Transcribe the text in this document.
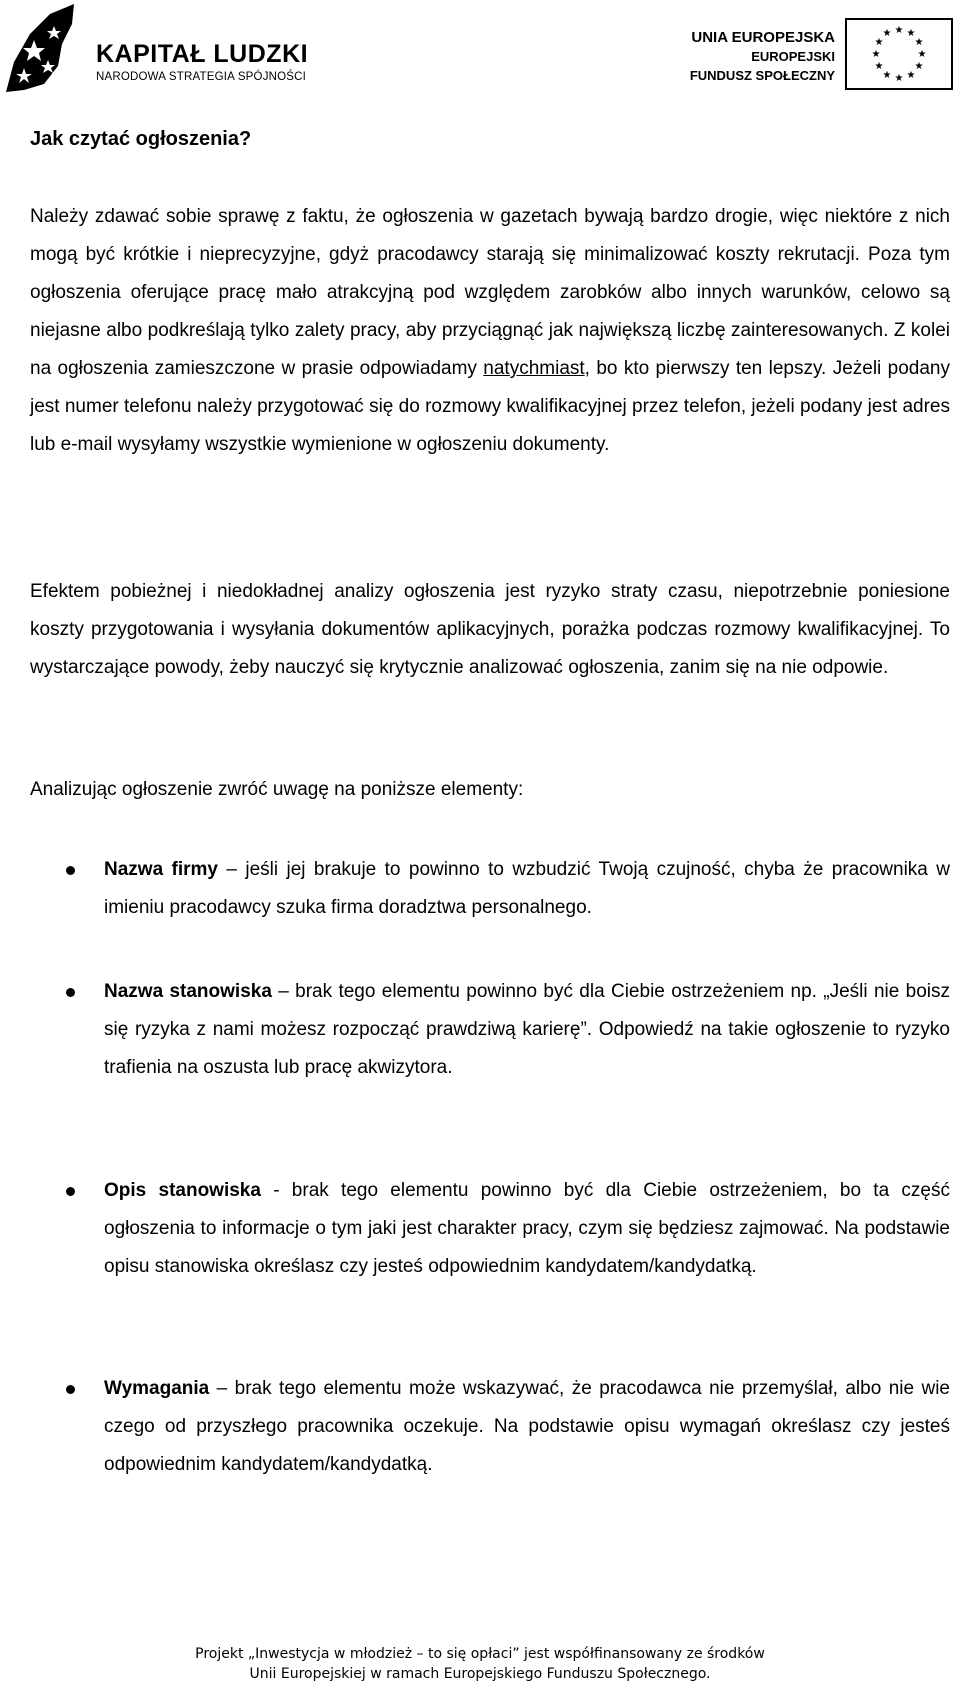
KAPITAŁ LUDZKI
NARODOWA STRATEGIA SPÓJNOŚCI
UNIA EUROPEJSKA
EUROPEJSKI
FUNDUSZ SPOŁECZNY
★ ★
★
★
★
★
★
★
★
★
★
★
Jak czytać ogłoszenia?

Należy zdawać sobie sprawę z faktu, że ogłoszenia w gazetach bywają bardzo drogie, więc niektóre z nich mogą być krótkie i nieprecyzyjne, gdyż pracodawcy starają się minimalizować koszty rekrutacji. Poza tym ogłoszenia oferujące pracę mało atrakcyjną pod względem zarobków albo innych warunków, celowo są niejasne albo podkreślają tylko zalety pracy, aby przyciągnąć jak największą liczbę zainteresowanych. Z kolei na ogłoszenia zamieszczone w prasie odpowiadamy natychmiast, bo kto pierwszy ten lepszy. Jeżeli podany jest numer telefonu należy przygotować się do rozmowy kwalifikacyjnej przez telefon, jeżeli podany jest adres lub e-mail wysyłamy wszystkie wymienione w ogłoszeniu dokumenty.

Efektem pobieżnej i niedokładnej analizy ogłoszenia jest ryzyko straty czasu, niepotrzebnie poniesione koszty przygotowania i wysyłania dokumentów aplikacyjnych, porażka podczas rozmowy kwalifikacyjnej. To wystarczające powody, żeby nauczyć się krytycznie analizować ogłoszenia, zanim się na nie odpowie.

Analizując ogłoszenie zwróć uwagę na poniższe elementy:

Nazwa firmy – jeśli jej brakuje to powinno to wzbudzić Twoją czujność, chyba że pracownika w imieniu pracodawcy szuka firma doradztwa personalnego.

Nazwa stanowiska – brak tego elementu powinno być dla Ciebie ostrzeżeniem np. „Jeśli nie boisz się ryzyka z nami możesz rozpocząć prawdziwą karierę”. Odpowiedź na takie ogłoszenie to ryzyko trafienia na oszusta lub pracę akwizytora.

Opis stanowiska - brak tego elementu powinno być dla Ciebie ostrzeżeniem, bo ta część ogłoszenia to informacje o tym jaki jest charakter pracy, czym się będziesz zajmować. Na podstawie opisu stanowiska określasz czy jesteś odpowiednim kandydatem/kandydatką.

Wymagania – brak tego elementu może wskazywać, że pracodawca nie przemyślał, albo nie wie czego od przyszłego pracownika oczekuje. Na podstawie opisu wymagań określasz czy jesteś odpowiednim kandydatem/kandydatką.

Projekt „Inwestycja w młodzież – to się opłaci” jest współfinansowany ze środków
Unii Europejskiej w ramach Europejskiego Funduszu Społecznego.
